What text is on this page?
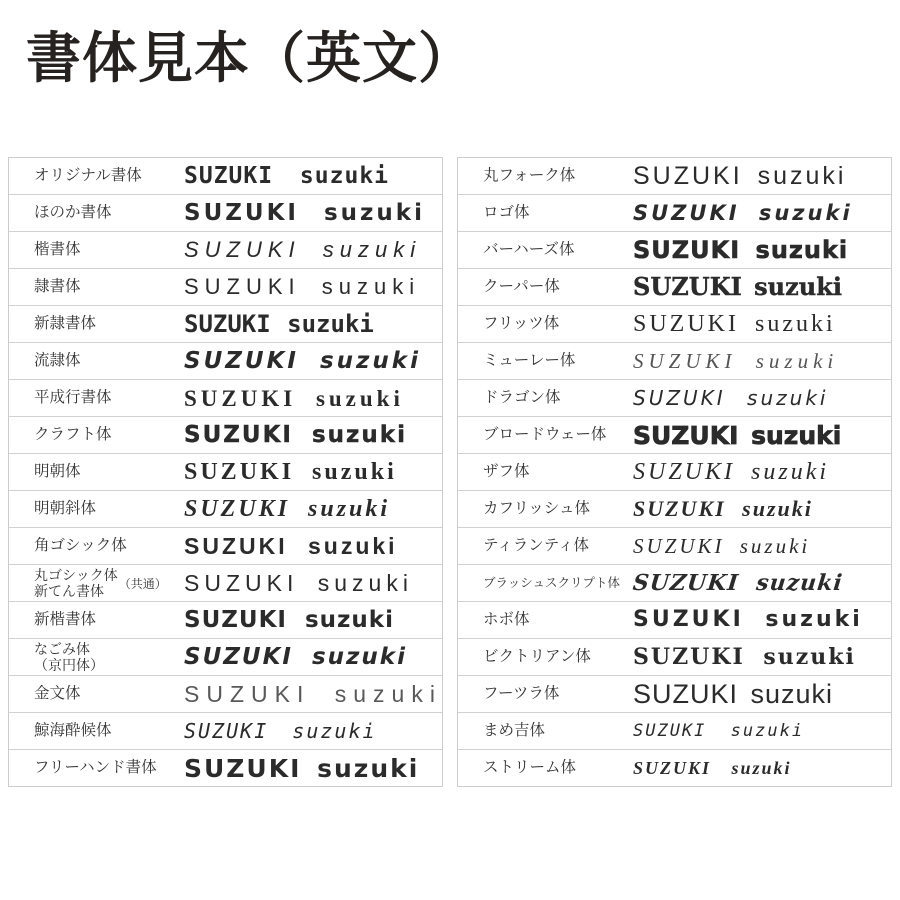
書体見本（英文）
オリジナル書体 SUZUKI suzuki
ほのか書体	SUZUKI suzuki
楷書体	SUZUKI suzuki
隷書体	SUZUKI suzuki
新隷書体	SUZUKI suzuki
流隷体	SUZUKI suzuki
平成行書体	SUZUKI suzuki
クラフト体	SUZUKI suzuki
明朝体	SUZUKI suzuki
明朝斜体	SUZUKI suzuki
角ゴシック体 SUZUKI suzuki
丸ゴシック体
新てん書体	（共通） SUZUKI suzuki
新楷書体	SUZUKI suzuki
なごみ体
（京円体）	SUZUKI suzuki
金文体	SUZUKI suzuki
鯨海酔候体	SUZUKI suzuki
フリーハンド書体 SUZUKI suzuki
丸フォーク体 SUZUKI suzuki
ロゴ体	SUZUKI suzuki
バーハーズ体 SUZUKI suzuki
クーパー体	SUZUKI suzuki
フリッツ体	SUZUKI suzuki
ミューレー体	SUZUKI suzuki
ドラゴン体	SUZUKI suzuki
ブロードウェー体 SUZUKI suzuki
ザフ体	SUZUKI suzuki
カフリッシュ体 SUZUKI suzuki
ティランティ体 SUZUKI suzuki
ブラッシュスクリプト体 SUZUKI suzuki
ホボ体	SUZUKI suzuki
ビクトリアン体 SUZUKI suzuki
フーツラ体	SUZUKI suzuki
まめ吉体	SUZUKI suzuki
ストリーム体	SUZUKI suzuki
